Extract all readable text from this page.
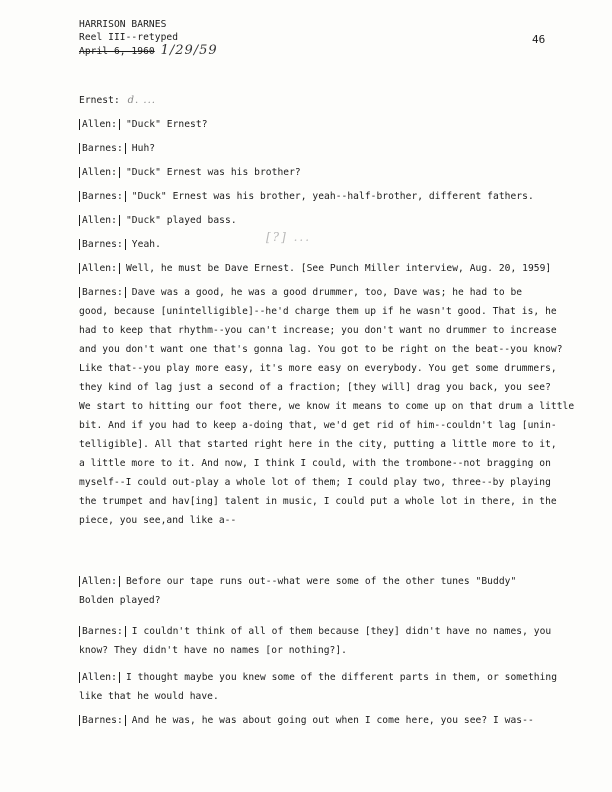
HARRISON BARNES
Reel III--retyped
April 6, 1960 1/29/59
46
Ernest: d. ...
[?] ...
Allen: "Duck" Ernest?
Barnes: Huh?
Allen: "Duck" Ernest was his brother?
Barnes: "Duck" Ernest was his brother, yeah--half-brother, different fathers.
Allen: "Duck" played bass.
Barnes: Yeah.
Allen: Well, he must be Dave Ernest. [See Punch Miller interview, Aug. 20, 1959]
Barnes: Dave was a good, he was a good drummer, too, Dave was; he had to be
good, because [unintelligible]--he'd charge them up if he wasn't good. That is, he
had to keep that rhythm--you can't increase; you don't want no drummer to increase
and you don't want one that's gonna lag. You got to be right on the beat--you know?
Like that--you play more easy, it's more easy on everybody. You get some drummers,
they kind of lag just a second of a fraction; [they will] drag you back, you see?
We start to hitting our foot there, we know it means to come up on that drum a little
bit. And if you had to keep a-doing that, we'd get rid of him--couldn't lag [unin-
telligible]. All that started right here in the city, putting a little more to it,
a little more to it. And now, I think I could, with the trombone--not bragging on
myself--I could out-play a whole lot of them; I could play two, three--by playing
the trumpet and hav[ing] talent in music, I could put a whole lot in there, in the
piece, you see,and like a--
Allen: Before our tape runs out--what were some of the other tunes "Buddy"
Bolden played?
Barnes: I couldn't think of all of them because [they] didn't have no names, you
know? They didn't have no names [or nothing?].
Allen: I thought maybe you knew some of the different parts in them, or something
like that he would have.
Barnes: And he was, he was about going out when I come here, you see? I was--
